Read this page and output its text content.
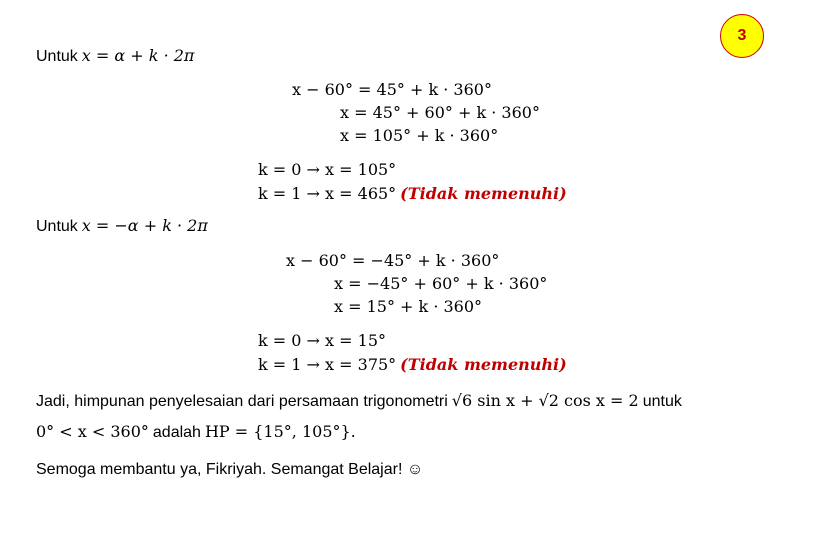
3
Untuk x = α + k · 2π
x − 60° = 45° + k · 360°
x = 45° + 60° + k · 360°
x = 105° + k · 360°
k = 0 → x = 105°
k = 1 → x = 465° (Tidak memenuhi)
Untuk x = −α + k · 2π
x − 60° = −45° + k · 360°
x = −45° + 60° + k · 360°
x = 15° + k · 360°
k = 0 → x = 15°
k = 1 → x = 375° (Tidak memenuhi)
Jadi, himpunan penyelesaian dari persamaan trigonometri √6 sin x + √2 cos x = 2 untuk
0° < x < 360° adalah HP = {15°, 105°}.
Semoga membantu ya, Fikriyah. Semangat Belajar! ☺
